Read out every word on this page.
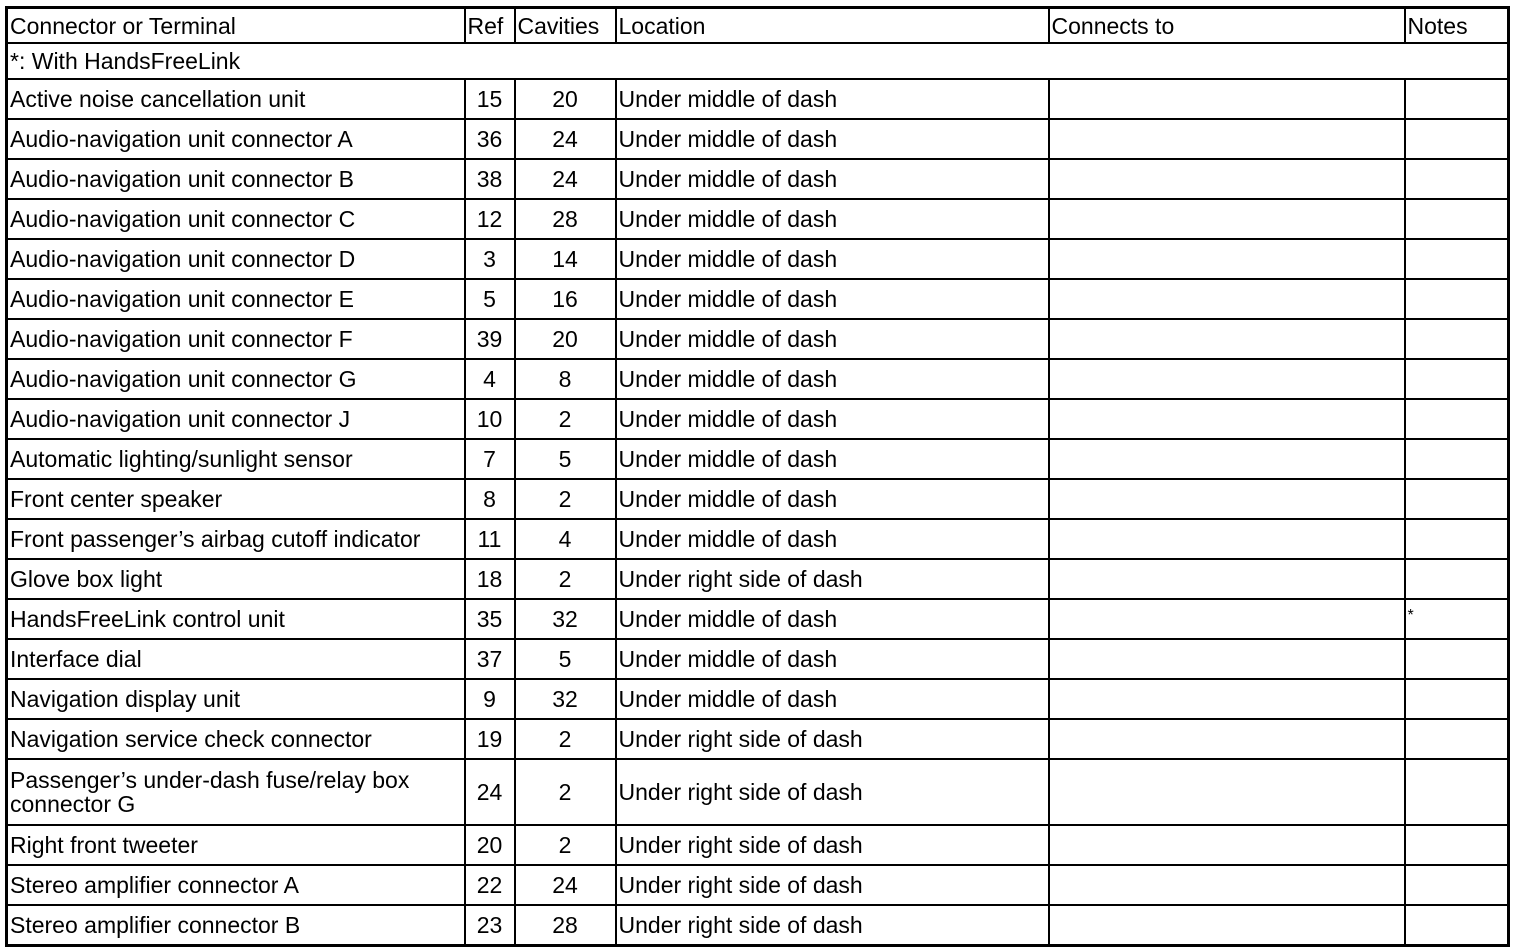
Connector or Terminal	Ref	Cavities	Location	Connects to	Notes
*: With HandsFreeLink					
Active noise cancellation unit	15	20	Under middle of dash		
Audio-navigation unit connector A	36	24	Under middle of dash		
Audio-navigation unit connector B	38	24	Under middle of dash		
Audio-navigation unit connector C	12	28	Under middle of dash		
Audio-navigation unit connector D	3	14	Under middle of dash		
Audio-navigation unit connector E	5	16	Under middle of dash		
Audio-navigation unit connector F	39	20	Under middle of dash		
Audio-navigation unit connector G	4	8	Under middle of dash		
Audio-navigation unit connector J	10	2	Under middle of dash		
Automatic lighting/sunlight sensor	7	5	Under middle of dash		
Front center speaker	8	2	Under middle of dash		
Front passenger’s airbag cutoff indicator	11	4	Under middle of dash		
Glove box light	18	2	Under right side of dash		
HandsFreeLink control unit	35	32	Under middle of dash		*
Interface dial	37	5	Under middle of dash		
Navigation display unit	9	32	Under middle of dash		
Navigation service check connector	19	2	Under right side of dash		
Passenger’s under-dash fuse/relay box connector G	24	2	Under right side of dash		
Right front tweeter	20	2	Under right side of dash		
Stereo amplifier connector A	22	24	Under right side of dash		
Stereo amplifier connector B	23	28	Under right side of dash		
